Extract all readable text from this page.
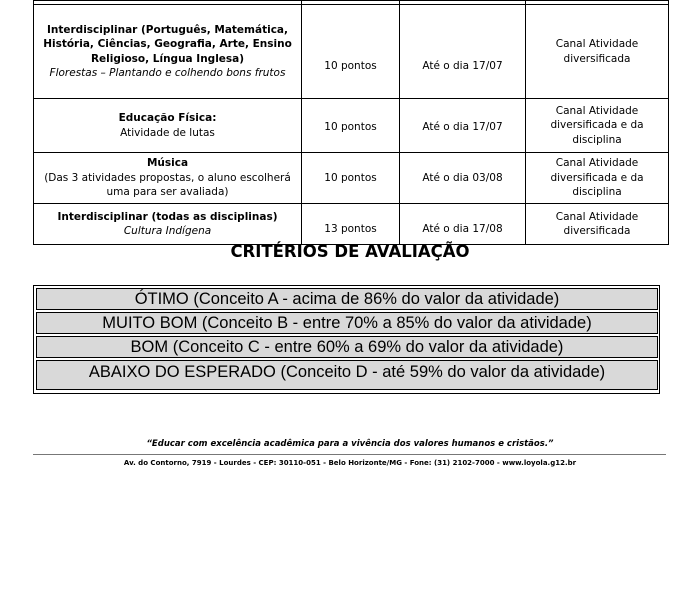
Interdisciplinar (Português, Matemática, História, Ciências, Geografia, Arte, Ensino Religioso, Língua Inglesa)
Florestas – Plantando e colhendo bons frutos	10 pontos	Até o dia 17/07	Canal Atividade diversificada

Educação Física:
Atividade de lutas	10 pontos	Até o dia 17/07	Canal Atividade diversificada e da disciplina

Música
(Das 3 atividades propostas, o aluno escolherá uma para ser avaliada)	10 pontos	Até o dia 03/08	Canal Atividade diversificada e da disciplina

Interdisciplinar (todas as disciplinas)
Cultura Indígena	13 pontos	Até o dia 17/08	Canal Atividade diversificada
CRITÉRIOS DE AVALIAÇÃO
ÓTIMO (Conceito A - acima de 86% do valor da atividade)
MUITO BOM (Conceito B - entre 70% a 85% do valor da atividade)
BOM (Conceito C - entre 60% a 69% do valor da atividade)
ABAIXO DO ESPERADO (Conceito D - até 59% do valor da atividade)
“Educar com excelência acadêmica para a vivência dos valores humanos e cristãos.”
Av. do Contorno, 7919 - Lourdes - CEP: 30110-051 - Belo Horizonte/MG - Fone: (31) 2102-7000 - www.loyola.g12.br
